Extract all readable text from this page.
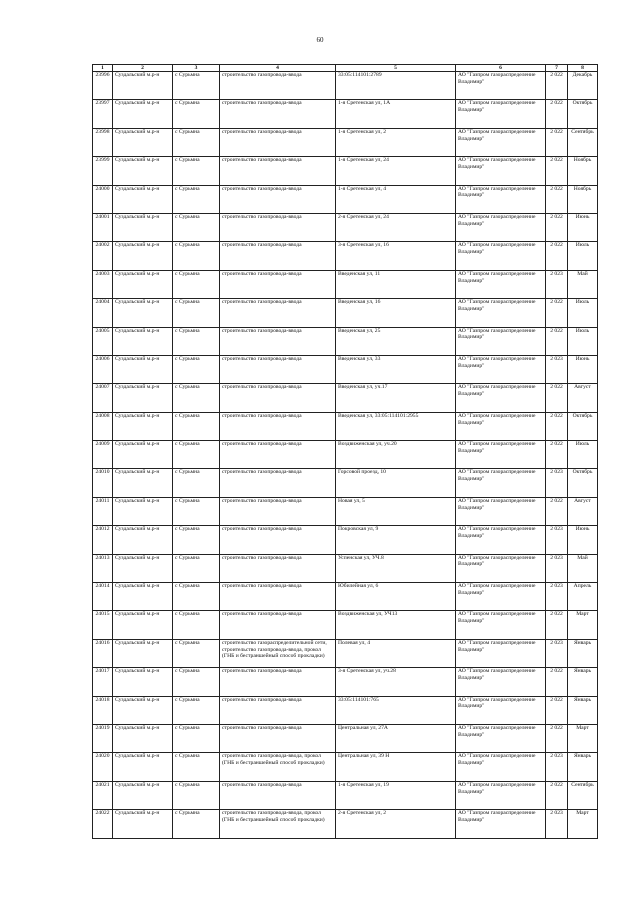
60
1	2	3	4	5	6	7	8
23996	Суздальский м.р-н	с Сурьмна	строительство газопровода-ввода	33:05:114101:2789	АО "Газпром газораспределение Владимир"	2 022	Декабрь
23997	Суздальский м.р-н	с Сурьмна	строительство газопровода-ввода	1-я Сретенская ул, 1А	АО "Газпром газораспределение Владимир"	2 022	Октябрь
23998	Суздальский м.р-н	с Сурьмна	строительство газопровода-ввода	1-я Сретенская ул, 2	АО "Газпром газораспределение Владимир"	2 022	Сентябрь
23999	Суздальский м.р-н	с Сурьмна	строительство газопровода-ввода	1-я Сретенская ул, 24	АО "Газпром газораспределение Владимир"	2 022	Ноябрь
24000	Суздальский м.р-н	с Сурьмна	строительство газопровода-ввода	1-я Сретенская ул, 4	АО "Газпром газораспределение Владимир"	2 022	Ноябрь
24001	Суздальский м.р-н	с Сурьмна	строительство газопровода-ввода	2-я Сретенская ул, 24	АО "Газпром газораспределение Владимир"	2 022	Июнь
24002	Суздальский м.р-н	с Сурьмна	строительство газопровода-ввода	3-я Сретенская ул, 16	АО "Газпром газораспределение Владимир"	2 022	Июль
24003	Суздальский м.р-н	с Сурьмна	строительство газопровода-ввода	Введенская ул, 11	АО "Газпром газораспределение Владимир"	2 023	Май
24004	Суздальский м.р-н	с Сурьмна	строительство газопровода-ввода	Введенская ул, 16	АО "Газпром газораспределение Владимир"	2 022	Июль
24005	Суздальский м.р-н	с Сурьмна	строительство газопровода-ввода	Введенская ул, 25	АО "Газпром газораспределение Владимир"	2 022	Июль
24006	Суздальский м.р-н	с Сурьмна	строительство газопровода-ввода	Введенская ул, 33	АО "Газпром газораспределение Владимир"	2 023	Июнь
24007	Суздальский м.р-н	с Сурьмна	строительство газопровода-ввода	Введенская ул, уч.17	АО "Газпром газораспределение Владимир"	2 022	Август
24008	Суздальский м.р-н	с Сурьмна	строительство газопровода-ввода	Введенская ул, 33:05:114101:2955	АО "Газпром газораспределение Владимир"	2 022	Октябрь
24009	Суздальский м.р-н	с Сурьмна	строительство газопровода-ввода	Воздвиженская ул, уч.20	АО "Газпром газораспределение Владимир"	2 022	Июль
24010	Суздальский м.р-н	с Сурьмна	строительство газопровода-ввода	Горсовой проезд, 10	АО "Газпром газораспределение Владимир"	2 023	Октябрь
24011	Суздальский м.р-н	с Сурьмна	строительство газопровода-ввода	Новая ул, 5	АО "Газпром газораспределение Владимир"	2 022	Август
24012	Суздальский м.р-н	с Сурьмна	строительство газопровода-ввода	Покровская ул, 9	АО "Газпром газораспределение Владимир"	2 023	Июнь
24013	Суздальский м.р-н	с Сурьмна	строительство газопровода-ввода	Успенская ул, УЧ.8	АО "Газпром газораспределение Владимир"	2 023	Май
24014	Суздальский м.р-н	с Сурьмна	строительство газопровода-ввода	Юбилейная ул, 6	АО "Газпром газораспределение Владимир"	2 023	Апрель
24015	Суздальский м.р-н	с Сурьмна	строительство газопровода-ввода	Воздвиженская ул, УЧ13	АО "Газпром газораспределение Владимир"	2 022	Март
24016	Суздальский м.р-н	с Сурьмна	строительство газораспределительной сети, строительство газопровода-ввода, прокол (ГНБ и бестраншейный способ прокладки)	Полевая ул, 4	АО "Газпром газораспределение Владимир"	2 023	Январь
24017	Суздальский м.р-н	с Сурьмна	строительство газопровода-ввода	3-я Сретенская ул, уч.28	АО "Газпром газораспределение Владимир"	2 022	Январь
24018	Суздальский м.р-н	с Сурьмна	строительство газопровода-ввода	33:05:114101:765	АО "Газпром газораспределение Владимир"	2 022	Январь
24019	Суздальский м.р-н	с Сурьмна	строительство газопровода-ввода	Центральная ул, 27А	АО "Газпром газораспределение Владимир"	2 022	Март
24020	Суздальский м.р-н	с Сурьмна	строительство газопровода-ввода, прокол (ГНБ и бестраншейный способ прокладки)	Центральная ул, 39 Н	АО "Газпром газораспределение Владимир"	2 023	Январь
24021	Суздальский м.р-н	с Сурьмна	строительство газопровода-ввода	1-я Сретенская ул, 19	АО "Газпром газораспределение Владимир"	2 022	Сентябрь
24022	Суздальский м.р-н	с Сурьмна	строительство газопровода-ввода, прокол (ГНБ и бестраншейный способ прокладки)	2-я Сретенская ул, 2	АО "Газпром газораспределение Владимир"	2 023	Март
